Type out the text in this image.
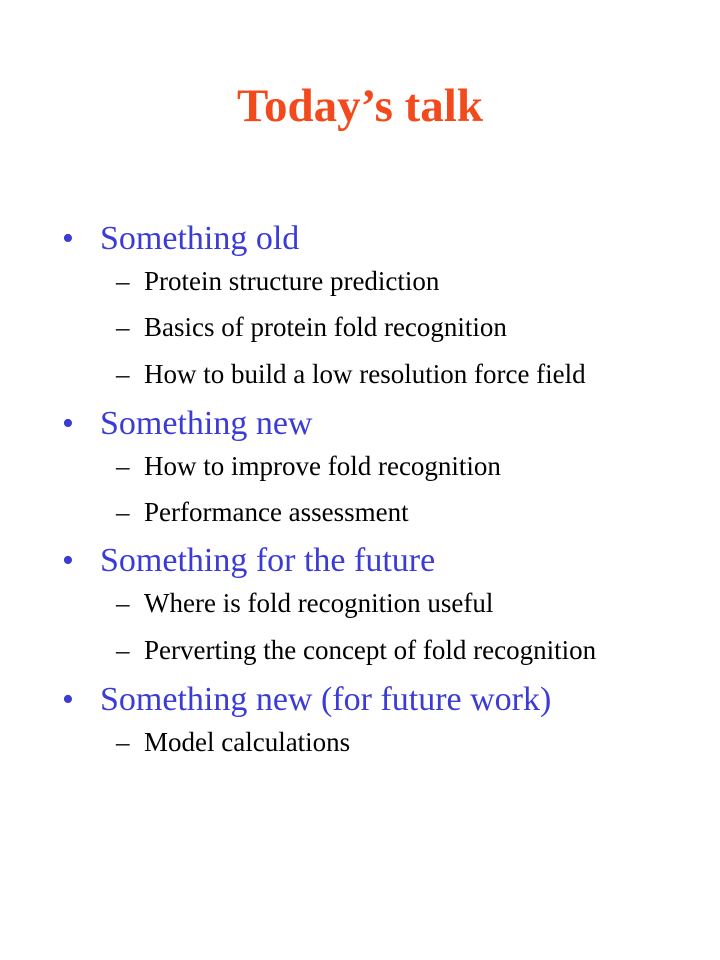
Today’s talk
• Something old
– Protein structure prediction
– Basics of protein fold recognition
– How to build a low resolution force field
• Something new
– How to improve fold recognition
– Performance assessment
• Something for the future
– Where is fold recognition useful
– Perverting the concept of fold recognition
• Something new (for future work)
– Model calculations
